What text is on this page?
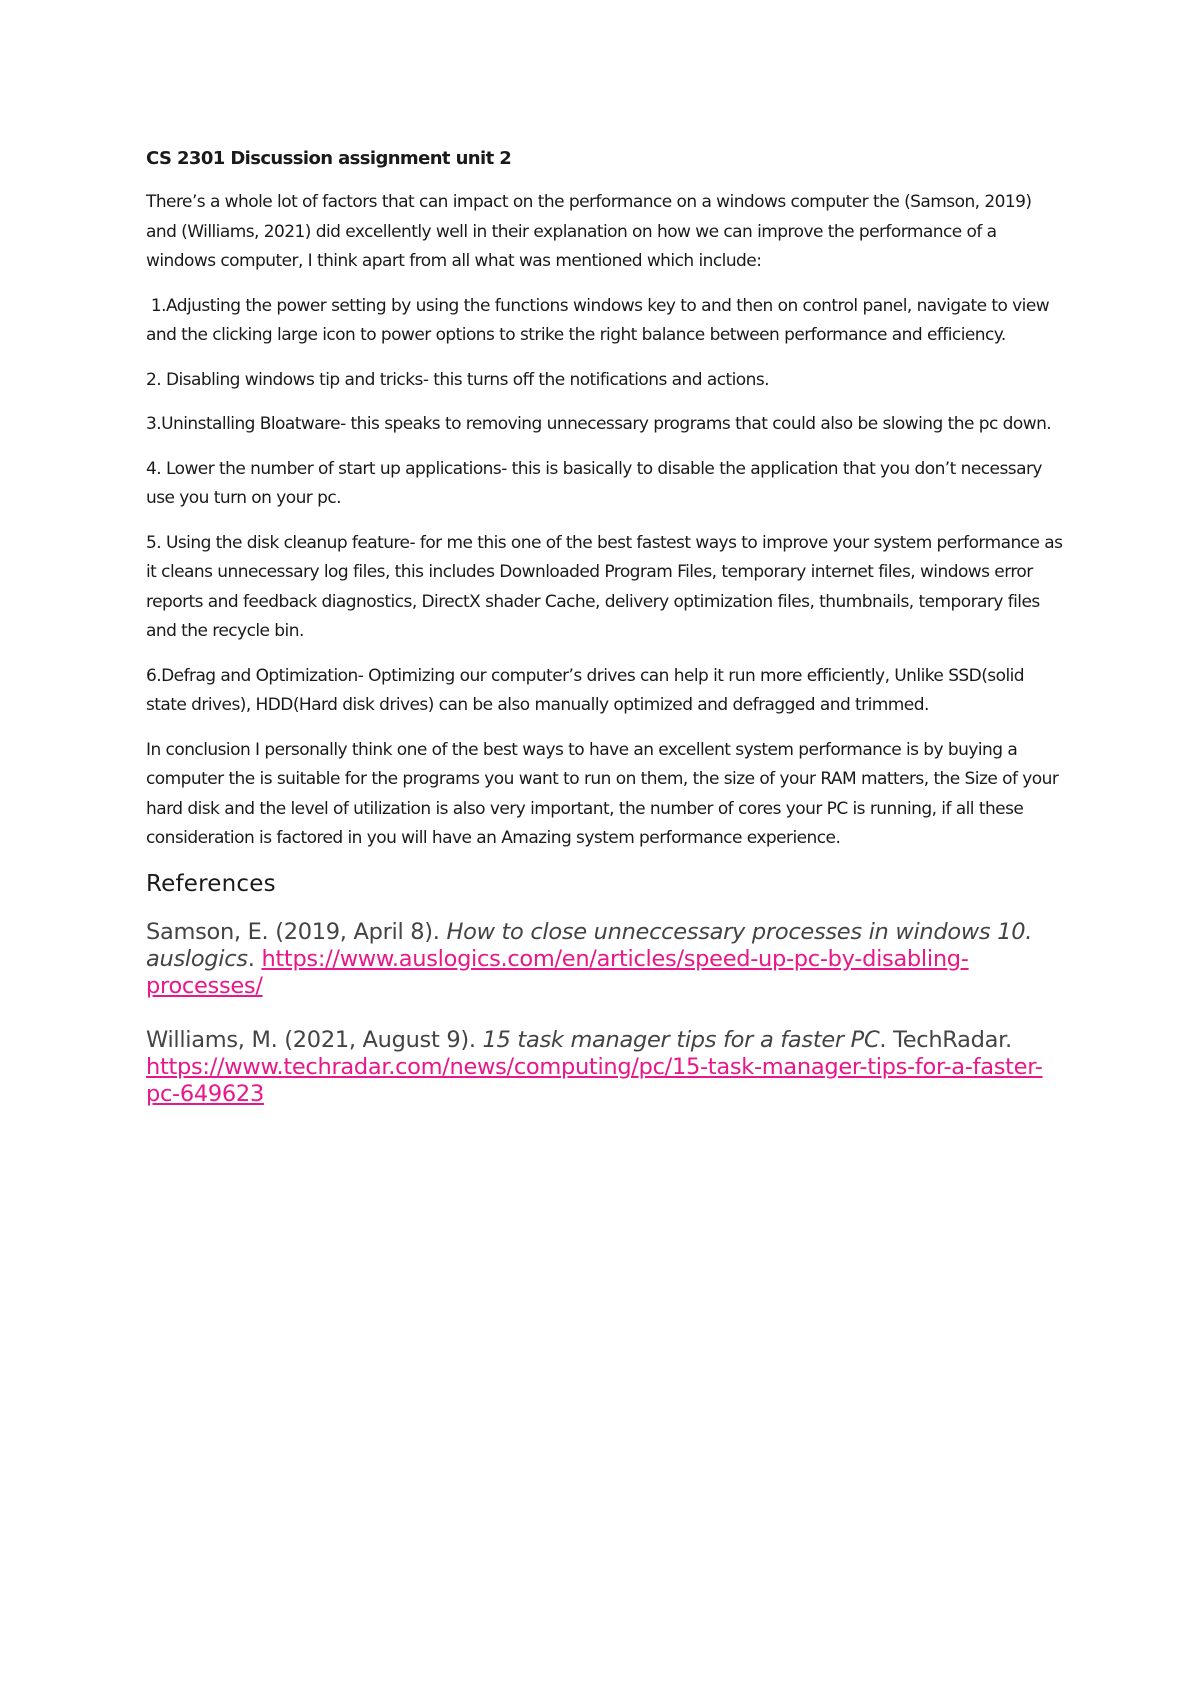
CS 2301 Discussion assignment unit 2

There’s a whole lot of factors that can impact on the performance on a windows computer the (Samson, 2019) and (Williams, 2021) did excellently well in their explanation on how we can improve the performance of a windows computer, I think apart from all what was mentioned which include:

1.Adjusting the power setting by using the functions windows key to and then on control panel, navigate to view and the clicking large icon to power options to strike the right balance between performance and efficiency.

2. Disabling windows tip and tricks- this turns off the notifications and actions.

3.Uninstalling Bloatware- this speaks to removing unnecessary programs that could also be slowing the pc down.

4. Lower the number of start up applications- this is basically to disable the application that you don’t necessary use you turn on your pc.

5. Using the disk cleanup feature- for me this one of the best fastest ways to improve your system performance as it cleans unnecessary log files, this includes Downloaded Program Files, temporary internet files, windows error reports and feedback diagnostics, DirectX shader Cache, delivery optimization files, thumbnails, temporary files and the recycle bin.

6.Defrag and Optimization- Optimizing our computer’s drives can help it run more efficiently, Unlike SSD(solid state drives), HDD(Hard disk drives) can be also manually optimized and defragged and trimmed.

In conclusion I personally think one of the best ways to have an excellent system performance is by buying a computer the is suitable for the programs you want to run on them, the size of your RAM matters, the Size of your hard disk and the level of utilization is also very important, the number of cores your PC is running, if all these consideration is factored in you will have an Amazing system performance experience.

References
Samson, E. (2019, April 8). How to close unneccessary processes in windows 10. auslogics. https://www.auslogics.com/en/articles/speed-up-pc-by-disabling-processes/
Williams, M. (2021, August 9). 15 task manager tips for a faster PC. TechRadar.  https://www.techradar.com/news/computing/pc/15-task-manager-tips-for-a-faster-pc-649623
